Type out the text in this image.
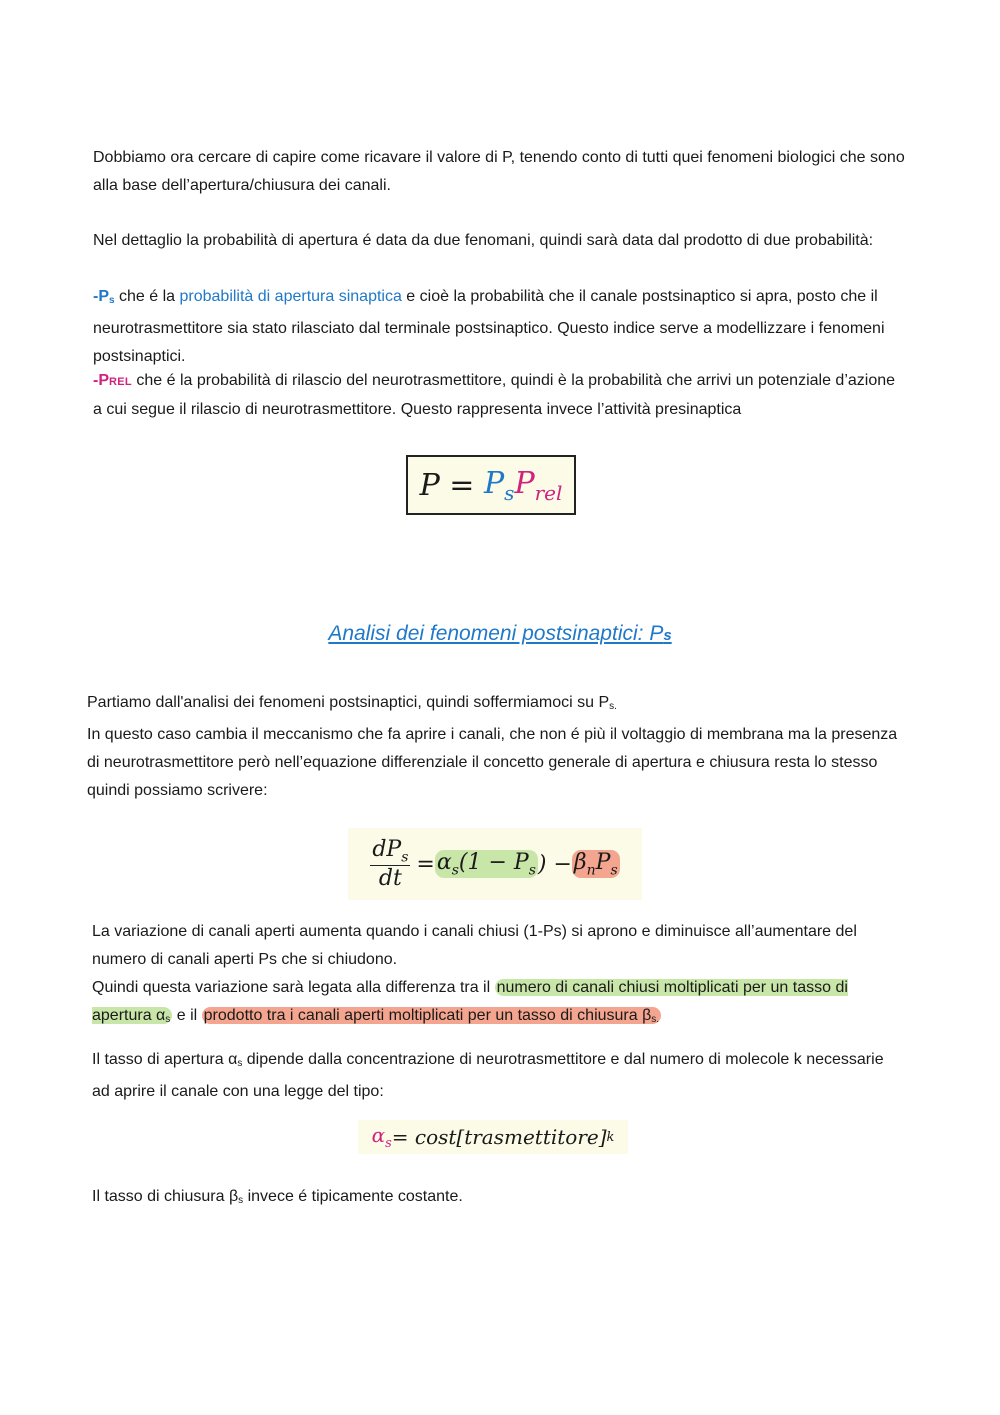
Dobbiamo ora cercare di capire come ricavare il valore di P, tenendo conto di tutti quei fenomeni biologici che sono alla base dell’apertura/chiusura dei canali.

Nel dettaglio la probabilità di apertura é data da due fenomani, quindi sarà data dal prodotto di due probabilità:

$-P_s$ che é la probabilità di apertura sinaptica e cioè la probabilità che il canale postsinaptico si apra, posto che il neurotrasmettitore sia stato rilasciato dal terminale postsinaptico. Questo indice serve a modellizzare i fenomeni postsinaptici.

-PREL che é la probabilità di rilascio del neurotrasmettitore, quindi è la probabilità che arrivi un potenziale d’azione a cui segue il rilascio di neurotrasmettitore. Questo rappresenta invece l’attività presinaptica

P =
$P_s$ $P_{rel}$
Analisi dei fenomeni postsinaptici: Ps

Partiamo dall'analisi dei fenomeni postsinaptici, quindi soffermiamoci su $P_{s.}$
In questo caso cambia il meccanismo che fa aprire i canali, che non é più il voltaggio di membrana ma la presenza di neurotrasmettitore però nell’equazione differenziale il concetto generale di apertura e chiusura resta lo stesso quindi possiamo scrivere:

$\frac{dP_s}{dt} = \alpha_s(1 - P_s$ ) − $\beta_nP_s$

La variazione di canali aperti aumenta quando i canali chiusi (1-Ps) si aprono e diminuisce all’aumentare del numero di canali aperti Ps che si chiudono.
Quindi questa variazione sarà legata alla differenza tra il numero di canali chiusi moltiplicati per un tasso di apertura $\alpha_s$ e il prodotto tra i canali aperti moltiplicati per un tasso di chiusura $\beta_{s.}$

Il tasso di apertura $\alpha_s$ dipende dalla concentrazione di neurotrasmettitore e dal numero di molecole k necessarie ad aprire il canale con una legge del tipo:

$\alpha_s$ = cost[trasmettitore] k

Il tasso di chiusura $\beta_s$ invece é tipicamente costante.
